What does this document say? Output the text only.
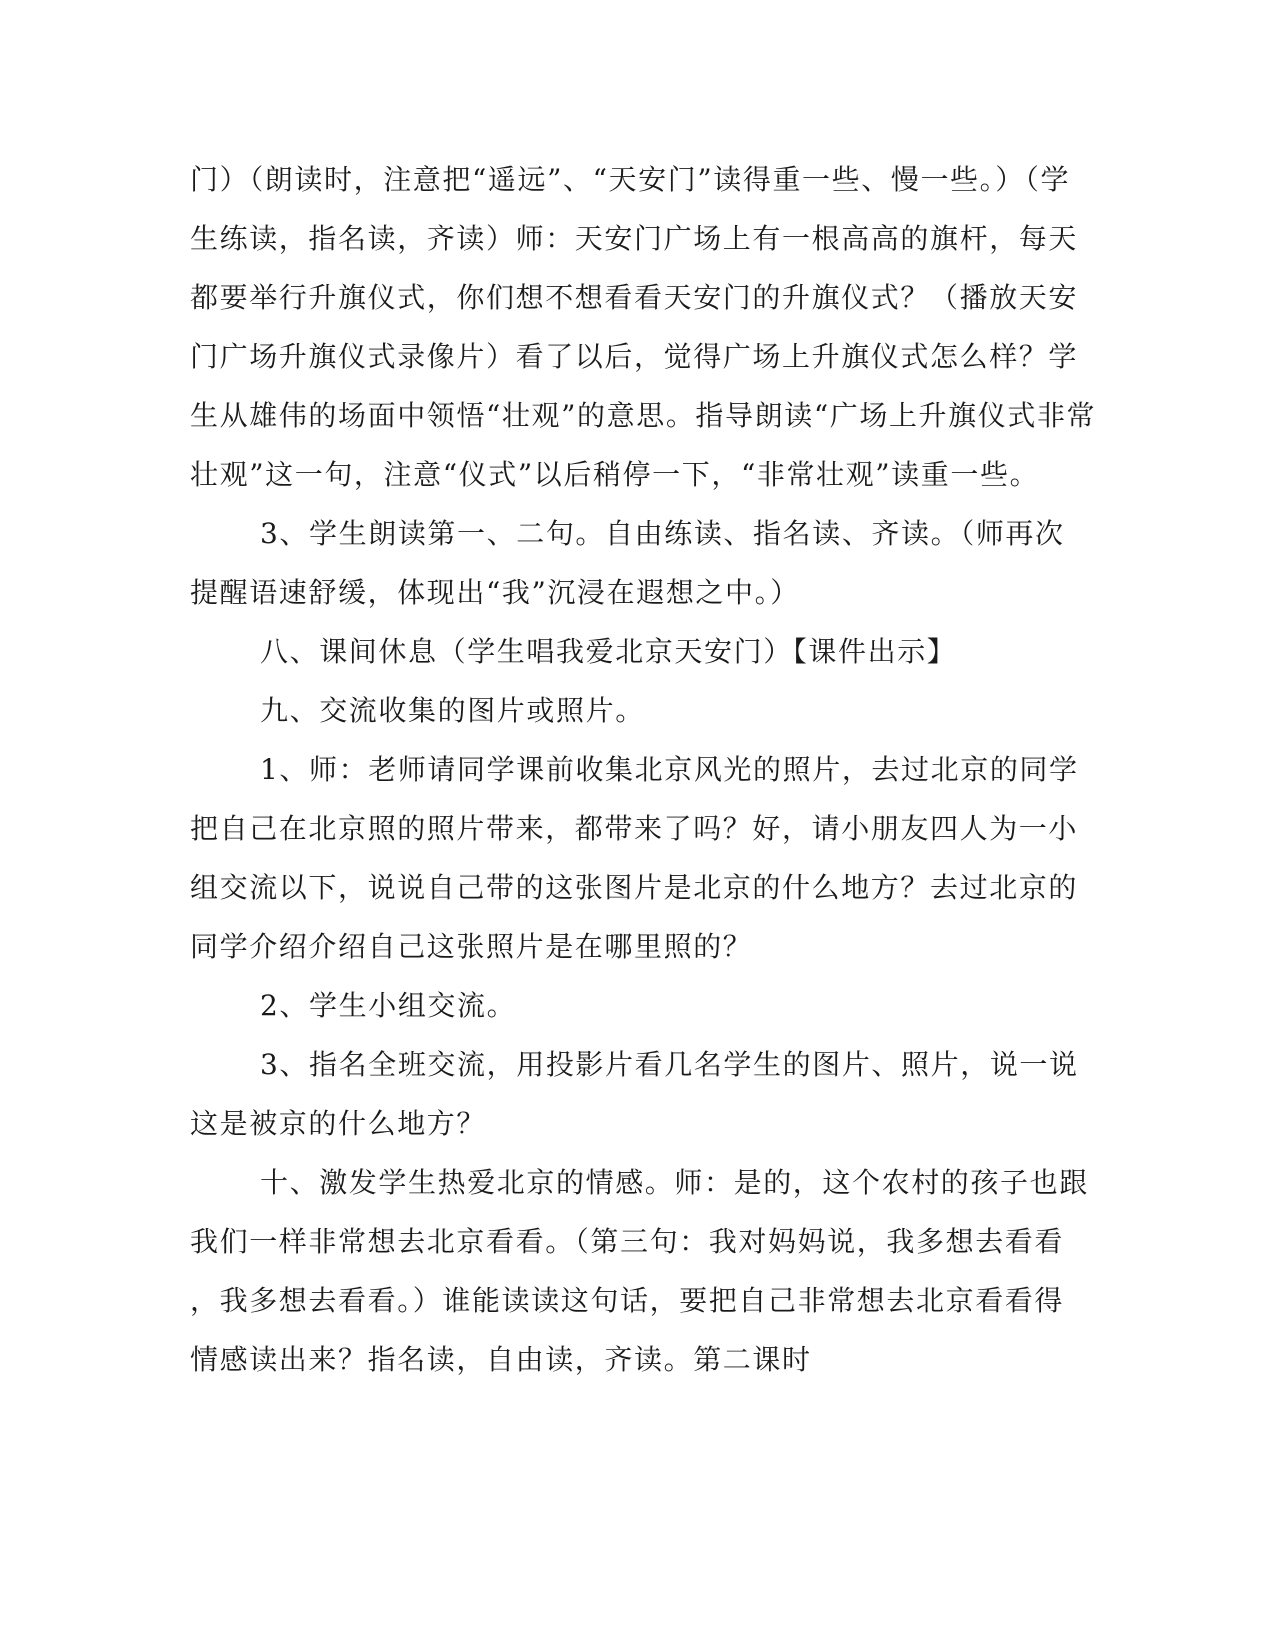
门）（朗读时，注意把“遥远”、“天安门”读得重一些、慢一些。）（学
生练读，指名读，齐读）师：天安门广场上有一根高高的旗杆，每天
都要举行升旗仪式，你们想不想看看天安门的升旗仪式？（播放天安
门广场升旗仪式录像片）看了以后，觉得广场上升旗仪式怎么样？学
生从雄伟的场面中领悟“壮观”的意思。指导朗读“广场上升旗仪式非常
壮观”这一句，注意“仪式”以后稍停一下，“非常壮观”读重一些。
3、学生朗读第一、二句。自由练读、指名读、齐读。（师再次
提醒语速舒缓，体现出“我”沉浸在遐想之中。）
八、课间休息（学生唱我爱北京天安门）【课件出示】
九、交流收集的图片或照片。
1、师：老师请同学课前收集北京风光的照片，去过北京的同学
把自己在北京照的照片带来，都带来了吗？好，请小朋友四人为一小
组交流以下，说说自己带的这张图片是北京的什么地方？去过北京的
同学介绍介绍自己这张照片是在哪里照的？
2、学生小组交流。
3、指名全班交流，用投影片看几名学生的图片、照片，说一说
这是被京的什么地方？
十、激发学生热爱北京的情感。师：是的，这个农村的孩子也跟
我们一样非常想去北京看看。（第三句：我对妈妈说，我多想去看看
，我多想去看看。）谁能读读这句话，要把自己非常想去北京看看得
情感读出来？指名读，自由读，齐读。第二课时
